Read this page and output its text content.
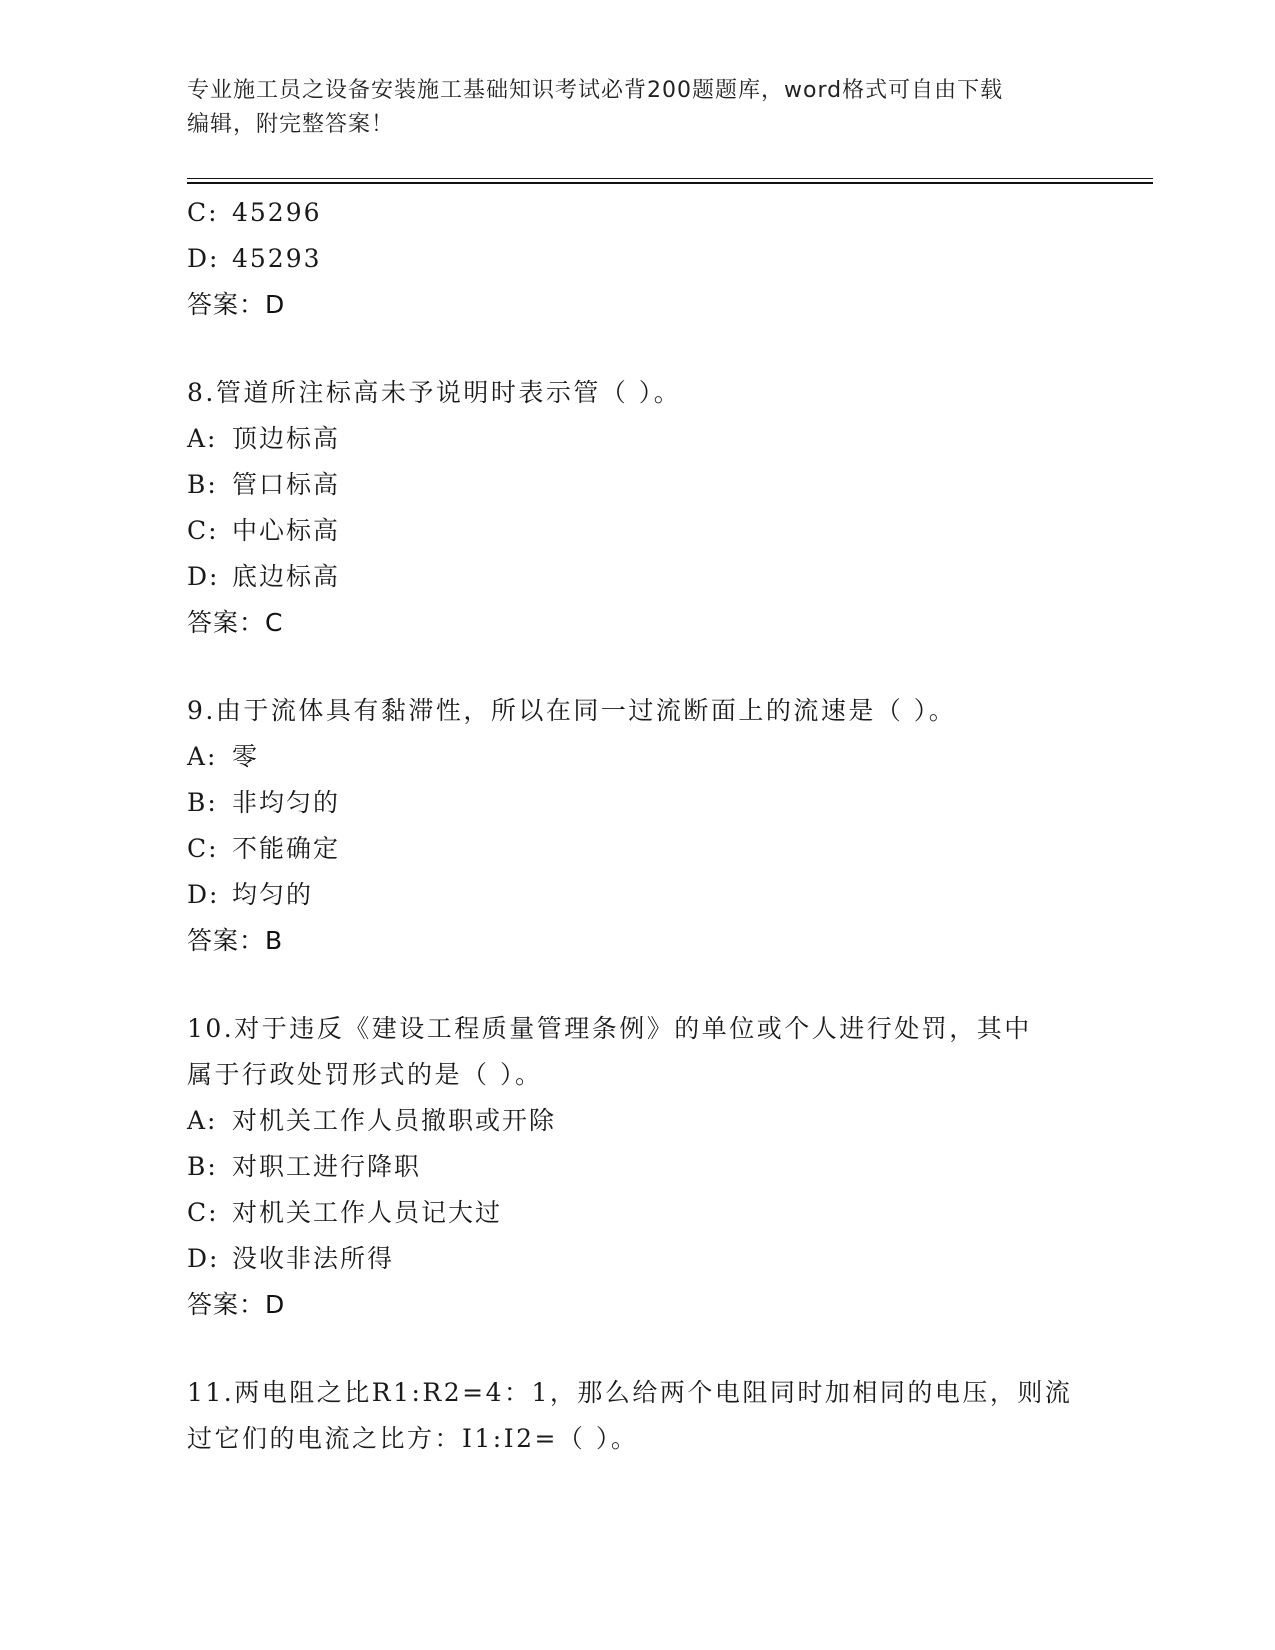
专业施工员之设备安装施工基础知识考试必背200题题库，word格式可自由下载
编辑，附完整答案！
C: 45296
D: 45293
答案：D
8.管道所注标高未予说明时表示管（ ）。
A: 顶边标高
B: 管口标高
C: 中心标高
D: 底边标高
答案：C
9.由于流体具有黏滞性，所以在同一过流断面上的流速是（ ）。
A: 零
B: 非均匀的
C: 不能确定
D: 均匀的
答案：B
10.对于违反《建设工程质量管理条例》的单位或个人进行处罚，其中
属于行政处罚形式的是（ ）。
A: 对机关工作人员撤职或开除
B: 对职工进行降职
C: 对机关工作人员记大过
D: 没收非法所得
答案：D
11.两电阻之比R1:R2=4：1，那么给两个电阻同时加相同的电压，则流
过它们的电流之比方：I1:I2=（ ）。
